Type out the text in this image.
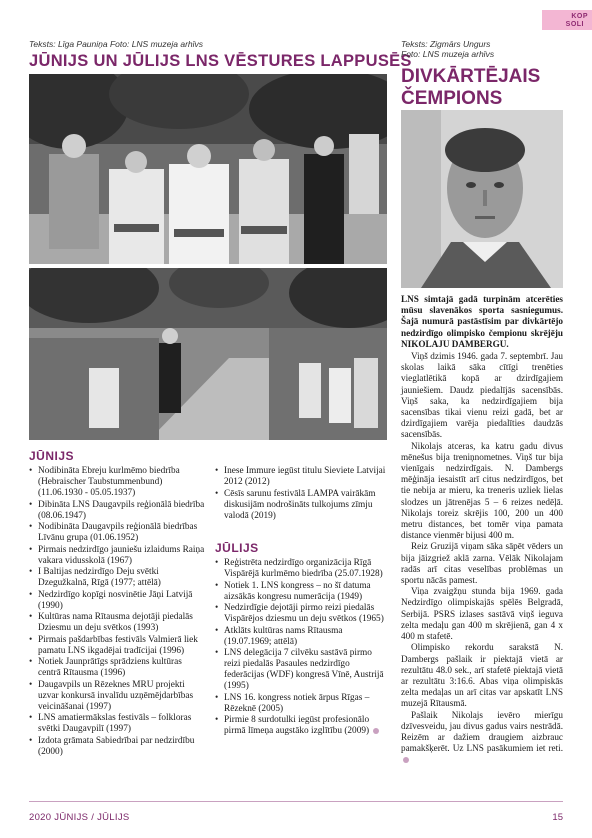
KOP
SOLI
Teksts: Līga Pauniņa Foto: LNS muzeja arhīvs
JŪNIJS UN JŪLIJS LNS VĒSTURES LAPPUSĒS
JŪNIJS
• Nodibināta Ebreju kurlmēmo biedrība (Hebraischer Taubstummenbund) (11.06.1930 - 05.05.1937)
• Dibināta LNS Daugavpils reģionālā biedrība (08.06.1947)
• Nodibināta Daugavpils reģionālā biedrības Līvānu grupa (01.06.1952)
• Pirmais nedzirdīgo jauniešu izlaidums Raiņa vakara vidusskolā (1967)
• I Baltijas nedzirdīgo Deju svētki Dzegužkalnā, Rīgā (1977; attēlā)
• Nedzirdīgo kopīgi nosvinētie Jāņi Latvijā (1990)
• Kultūras nama Rītausma dejotāji piedalās Dziesmu un deju svētkos (1993)
• Pirmais pašdarbības festivāls Valmierā liek pamatu LNS ikgadējai tradīcijai (1996)
• Notiek Jaunprātīgs sprādziens kultūras centrā Rītausma (1996)
• Daugavpils un Rēzeknes MRU projekti uzvar konkursā invalīdu uzņēmējdarbības veicināšanai (1997)
• LNS amatiermākslas festivāls – folkloras svētki Daugavpilī (1997)
• Izdota grāmata Sabiedrībai par nedzirdību (2000)
• Inese Immure iegūst titulu Sieviete Latvijai 2012 (2012)
• Cēsīs sarunu festivālā LAMPA vairākām diskusijām nodrošināts tulkojums zīmju valodā (2019)
JŪLIJS
• Reģistrēta nedzirdīgo organizācija Rīgā Vispārējā kurlmēmo biedrība (25.07.1928)
• Notiek 1. LNS kongress – no šī datuma aizsākās kongresu numerācija (1949)
• Nedzirdīgie dejotāji pirmo reizi piedalās Vispārējos dziesmu un deju svētkos (1965)
• Atklāts kultūras nams Rītausma (19.07.1969; attēlā)
• LNS delegācija 7 cilvēku sastāvā pirmo reizi piedalās Pasaules nedzirdīgo federācijas (WDF) kongresā Vīnē, Austrijā (1995)
• LNS 16. kongress notiek ārpus Rīgas – Rēzeknē (2005)
• Pirmie 8 surdotulki iegūst profesionālo pirmā līmeņa augstāko izglītību (2009)
Teksts: Zigmārs Ungurs
Foto: LNS muzeja arhīvs
DIVKĀRTĒJAIS
ČEMPIONS

LNS simtajā gadā turpinām atcerēties mūsu slavenākos sporta sasniegumus. Šajā numurā pastāstīsim par divkārtējo nedzirdīgo olimpisko čempionu skrējēju NIKOLAJU DAMBERGU.

Viņš dzimis 1946. gada 7. septembrī. Jau skolas laikā sāka cītīgi trenēties vieglatlētikā kopā ar dzirdīgajiem jauniešiem. Daudz piedalījās sacensībās. Viņš saka, ka nedzirdīgajiem bija sacensības tikai vienu reizi gadā, bet ar dzirdīgajiem varēja piedalīties daudzās sacensībās.

Nikolajs atceras, ka katru gadu divus mēnešus bija treniņnometnes. Viņš tur bija vienīgais nedzirdīgais. N. Dambergs mēģināja iesaistīt arī citus nedzirdīgos, bet tie nebija ar mieru, ka treneris uzliek lielas slodzes un jātrenējas 5 – 6 reizes nedēļā. Nikolajs toreiz skrējis 100, 200 un 400 metru distances, bet tomēr viņa pamata distance vienmēr bijusi 400 m.

Reiz Gruzijā viņam sāka sāpēt vēders un bija jāizgriež aklā zarna. Vēlāk Nikolajam radās arī citas veselības problēmas un sportu nācās pamest.

Viņa zvaigžņu stunda bija 1969. gada Nedzirdīgo olimpiskajās spēlēs Belgradā, Serbijā. PSRS izlases sastāvā viņš ieguva zelta medaļu gan 400 m skrējienā, gan 4 x 400 m stafetē.

Olimpisko rekordu sarakstā N. Dambergs pašlaik ir piektajā vietā ar rezultātu 48.0 sek., arī stafetē piektajā vietā ar rezultātu 3:16.6. Abas viņa olimpiskās zelta medaļas un arī citas var apskatīt LNS muzejā Rītausmā.

Pašlaik Nikolajs ievēro mierīgu dzīvesveidu, jau divus gadus vairs nestrādā. Reizēm ar dažiem draugiem aizbrauc pamakšķerēt. Uz LNS pasākumiem iet reti.

2020 JŪNIJS / JŪLIJS	15
